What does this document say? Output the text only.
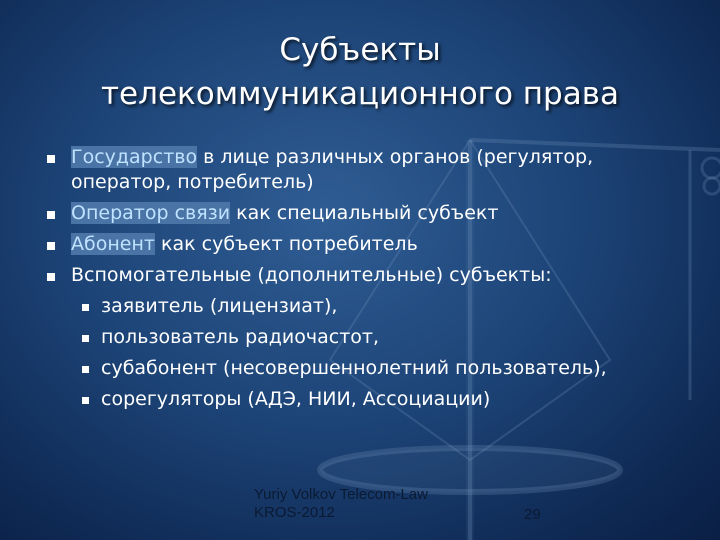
Субъекты
телекоммуникационного права
Государство в лице различных органов (регулятор, оператор, потребитель)
Оператор связи как специальный субъект
Абонент как субъект потребитель
Вспомогательные (дополнительные) субъекты:
заявитель (лицензиат),
пользователь радиочастот,
субабонент (несовершеннолетний пользователь),
сорегуляторы (АДЭ, НИИ, Ассоциации)
Yuriy Volkov Telecom-Law
KROS-2012	29
